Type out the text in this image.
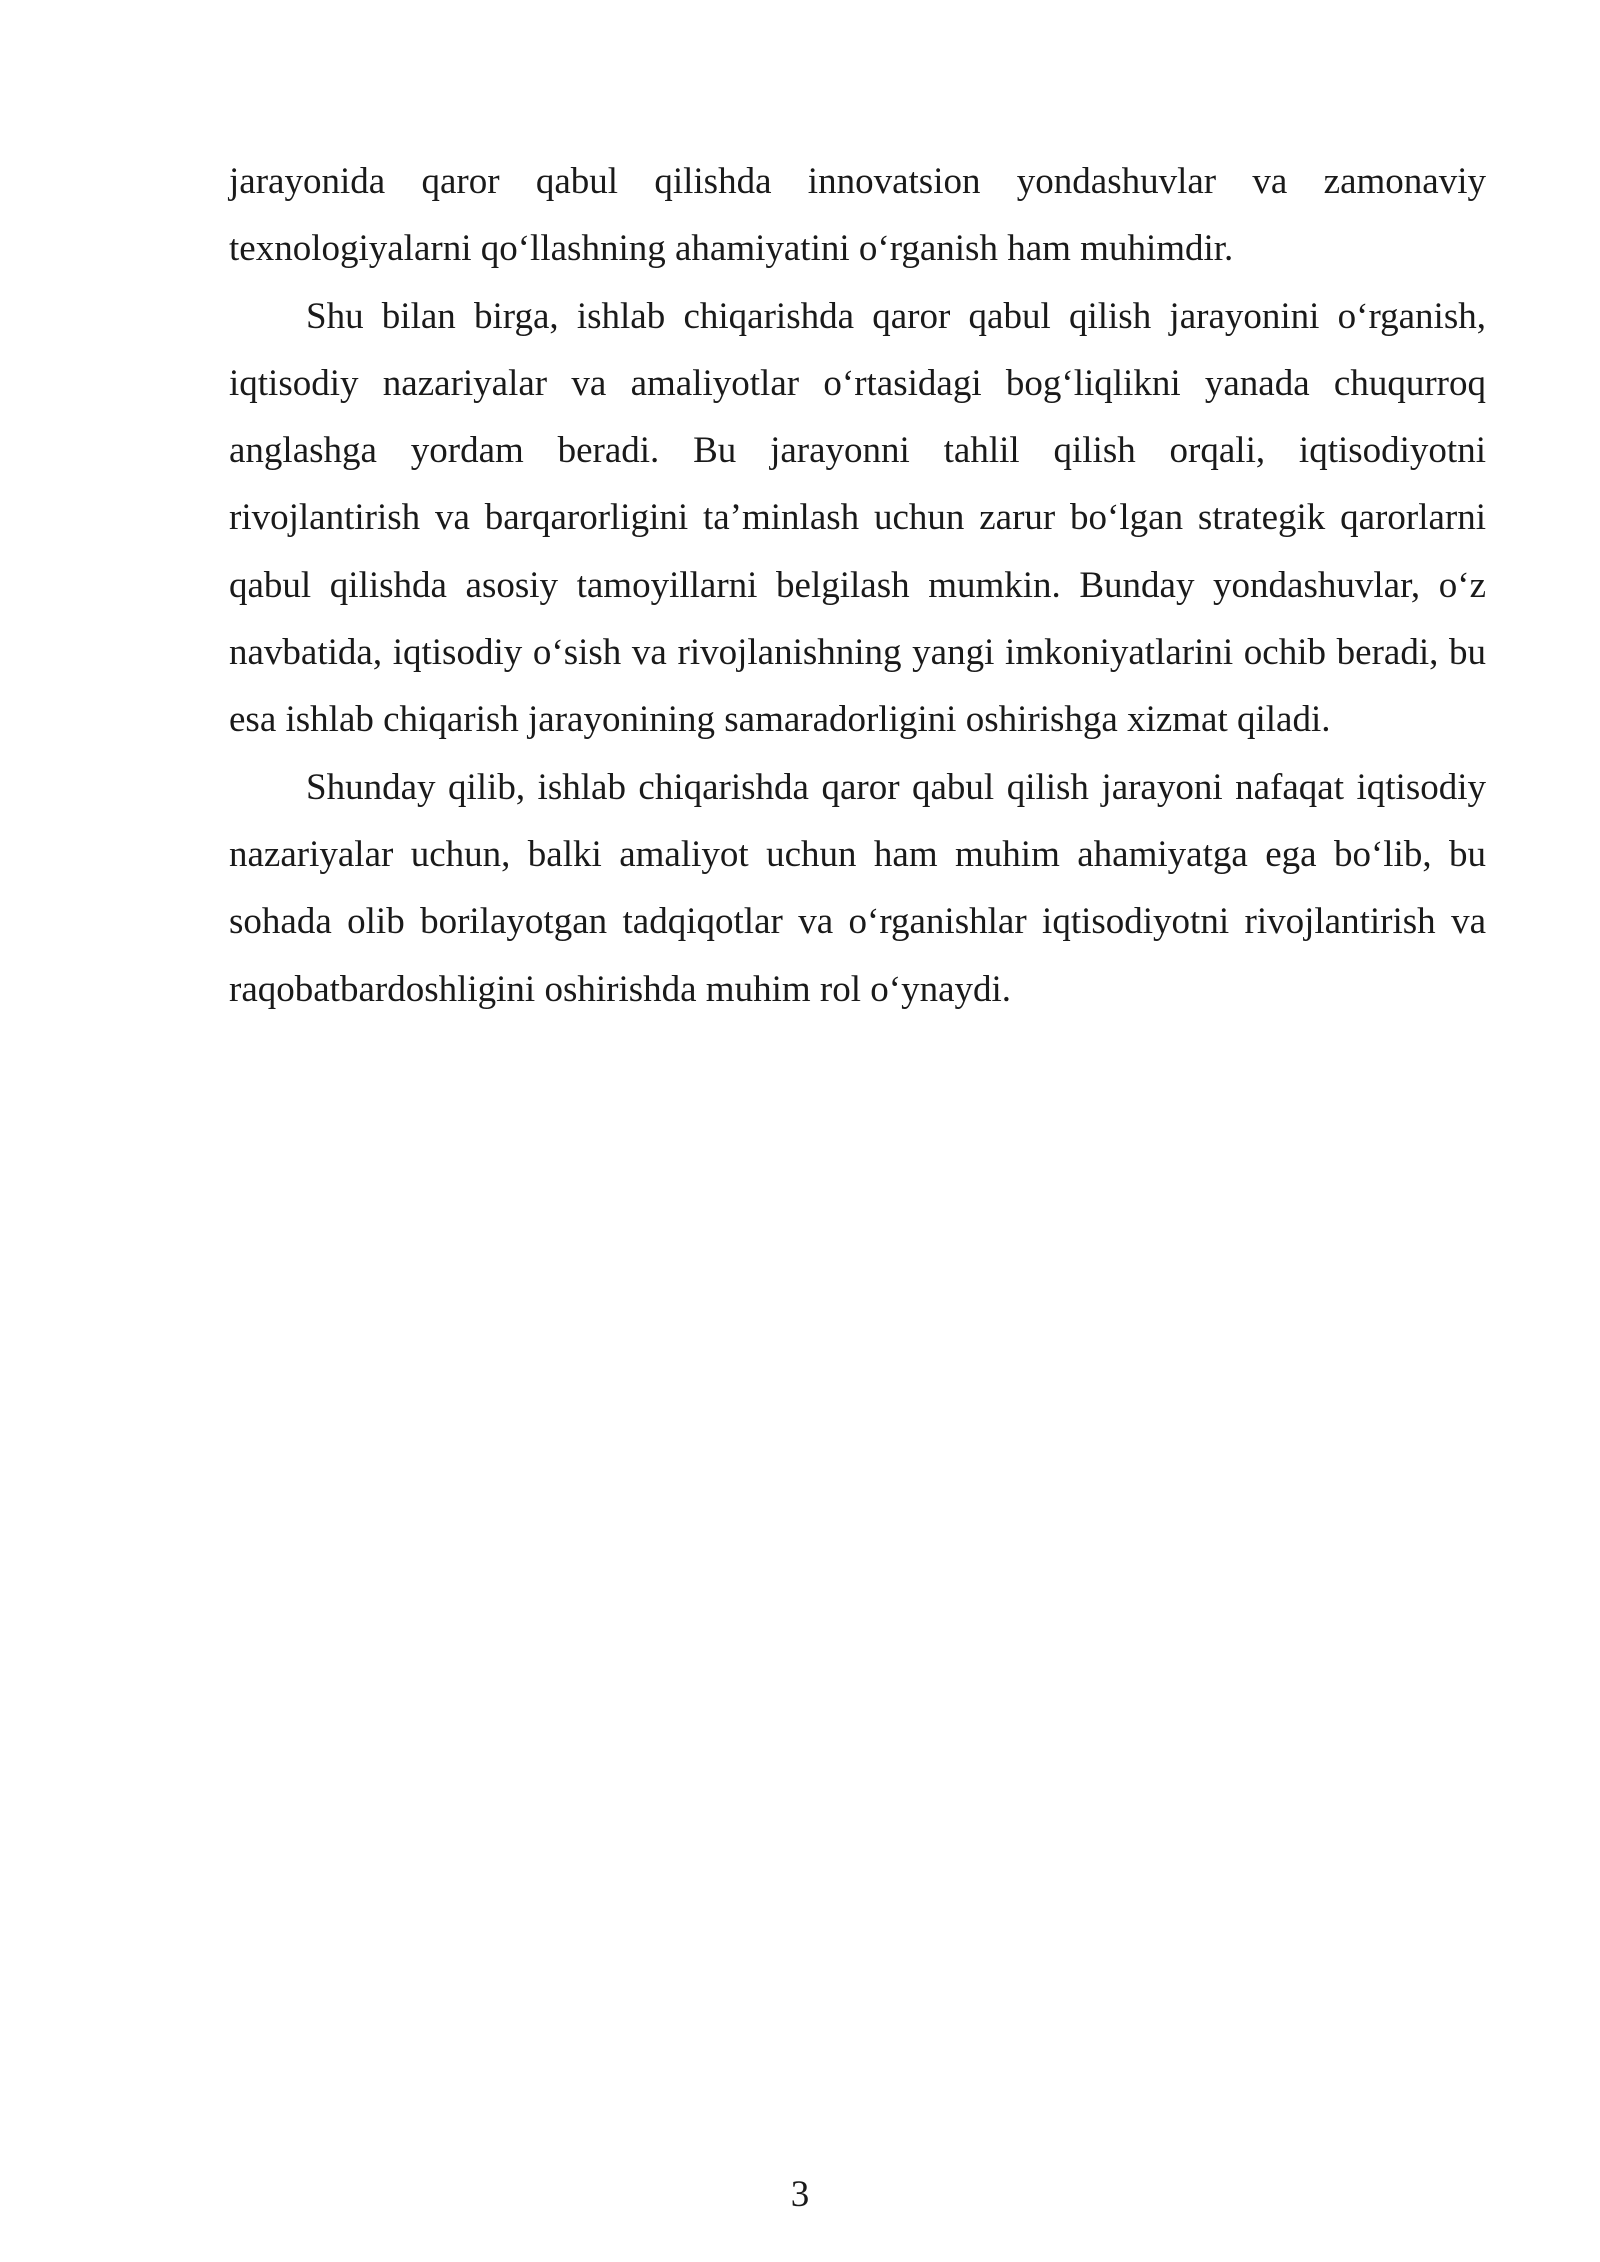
jarayonida qaror qabul qilishda innovatsion yondashuvlar va zamonaviy texnologiyalarni qo‘llashning ahamiyatini o‘rganish ham muhimdir.

Shu bilan birga, ishlab chiqarishda qaror qabul qilish jarayonini o‘rganish, iqtisodiy nazariyalar va amaliyotlar o‘rtasidagi bog‘liqlikni yanada chuqurroq anglashga yordam beradi. Bu jarayonni tahlil qilish orqali, iqtisodiyotni rivojlantirish va barqarorligini ta’minlash uchun zarur bo‘lgan strategik qarorlarni qabul qilishda asosiy tamoyillarni belgilash mumkin. Bunday yondashuvlar, o‘z navbatida, iqtisodiy o‘sish va rivojlanishning yangi imkoniyatlarini ochib beradi, bu esa ishlab chiqarish jarayonining samaradorligini oshirishga xizmat qiladi.

Shunday qilib, ishlab chiqarishda qaror qabul qilish jarayoni nafaqat iqtisodiy nazariyalar uchun, balki amaliyot uchun ham muhim ahamiyatga ega bo‘lib, bu sohada olib borilayotgan tadqiqotlar va o‘rganishlar iqtisodiyotni rivojlantirish va raqobatbardoshligini oshirishda muhim rol o‘ynaydi.

3
